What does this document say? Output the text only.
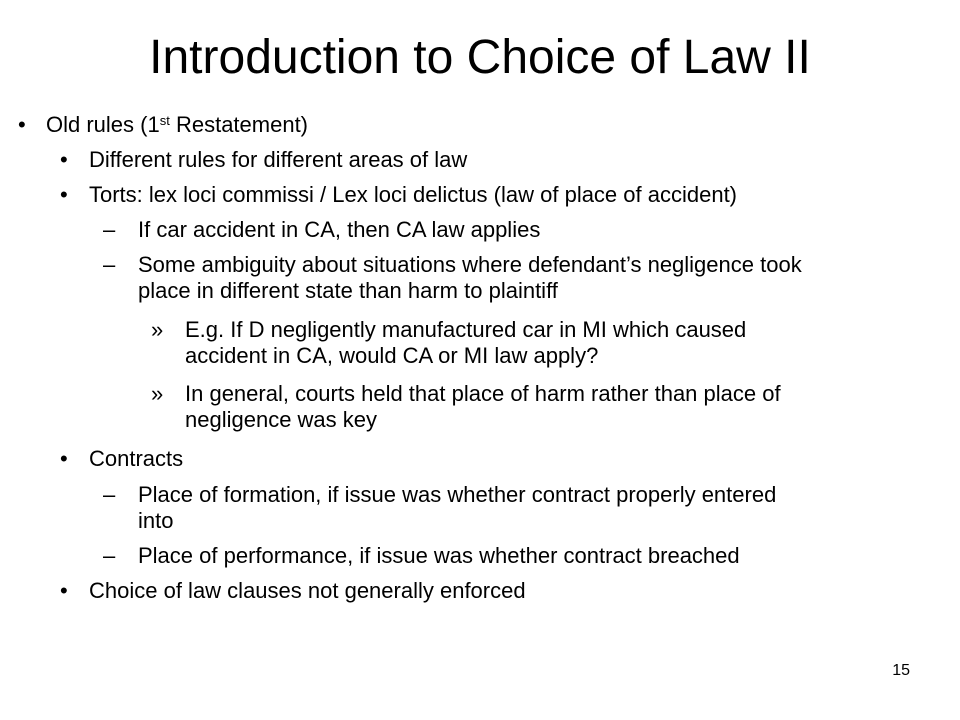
Introduction to Choice of Law II
• Old rules (1st Restatement)
• Different rules for different areas of law
• Torts: lex loci commissi / Lex loci delictus (law of place of accident)
– If car accident in CA, then CA law applies
– Some ambiguity about situations where defendant’s negligence took
place in different state than harm to plaintiff
» E.g. If D negligently manufactured car in MI which caused
accident in CA, would CA or MI law apply?
» In general, courts held that place of harm rather than place of
negligence was key
• Contracts
– Place of formation, if issue was whether contract properly entered
into
– Place of performance, if issue was whether contract breached
• Choice of law clauses not generally enforced
15
